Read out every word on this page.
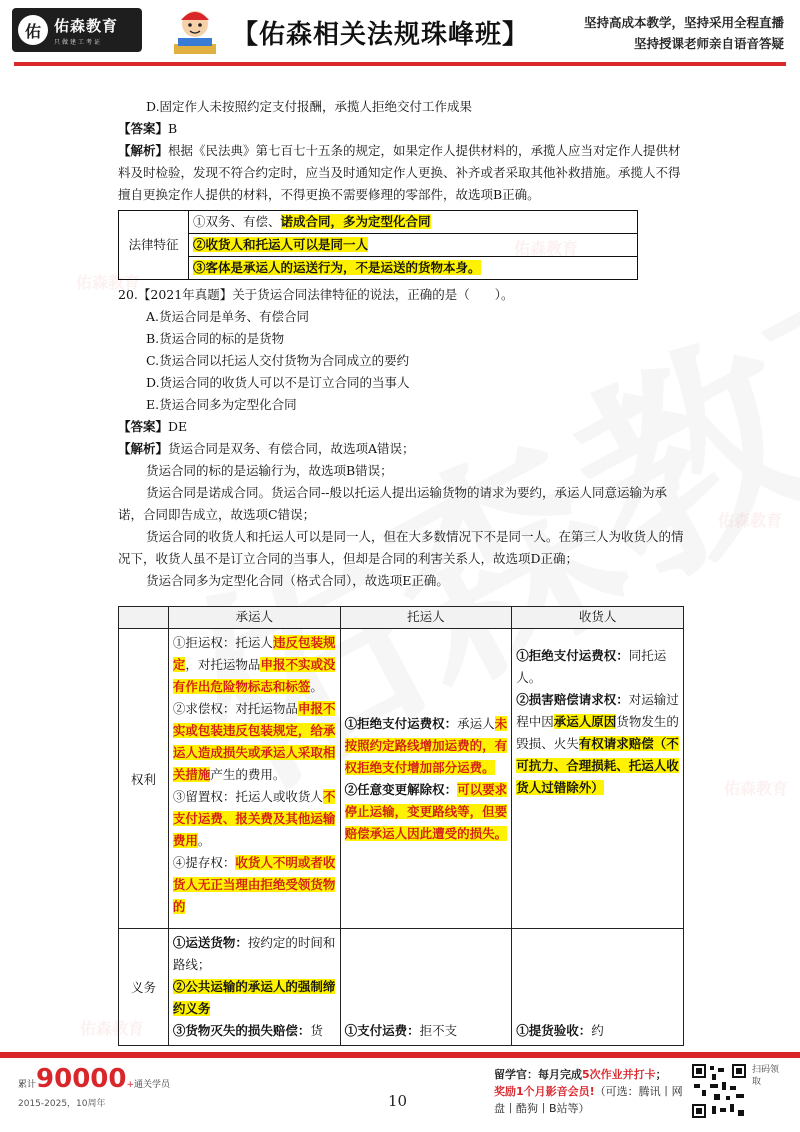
佑森教育
佑森教育
佑森教育
佑森教育
佑森教育
佑 佑森教育
只做建工考证	【佑森相关法规珠峰班】	坚持高成本教学，坚持采用全程直播
坚持授课老师亲自语音答疑
D.固定作人未按照约定支付报酬，承揽人拒绝交付工作成果
【答案】B
【解析】根据《民法典》第七百七十五条的规定，如果定作人提供材料的，承揽人应当对定作人提供材料及时检验，发现不符合约定时，应当及时通知定作人更换、补齐或者采取其他补救措施。承揽人不得擅自更换定作人提供的材料，不得更换不需要修理的零部件，故选项B正确。
法律特征	①双务、有偿、诺成合同，多为定型化合同
②收货人和托运人可以是同一人
③客体是承运人的运送行为，不是运送的货物本身。
20.【2021年真题】关于货运合同法律特征的说法，正确的是（　　）。
A.货运合同是单务、有偿合同
B.货运合同的标的是货物
C.货运合同以托运人交付货物为合同成立的要约
D.货运合同的收货人可以不是订立合同的当事人
E.货运合同多为定型化合同
【答案】DE
【解析】货运合同是双务、有偿合同，故选项A错误；
货运合同的标的是运输行为，故选项B错误；
货运合同是诺成合同。货运合同--般以托运人提出运输货物的请求为要约，承运人同意运输为承诺，合同即告成立，故选项C错误；
货运合同的收货人和托运人可以是同一人，但在大多数情况下不是同一人。在第三人为收货人的情况下，收货人虽不是订立合同的当事人，但却是合同的利害关系人，故选项D正确；
货运合同多为定型化合同（格式合同），故选项E正确。
	承运人	托运人	收货人
权利	①拒运权：托运人违反包装规定，对托运物品申报不实或没有作出危险物标志和标签。
②求偿权：对托运物品申报不实或包装违反包装规定，给承运人造成损失或承运人采取相关措施产生的费用。
③留置权：托运人或收货人不支付运费、报关费及其他运输费用。
④提存权：收货人不明或者收货人无正当理由拒绝受领货物的	①拒绝支付运费权：承运人未按照约定路线增加运费的，有权拒绝支付增加部分运费。
②任意变更解除权：可以要求停止运输，变更路线等，但要赔偿承运人因此遭受的损失。	①拒绝支付运费权：同托运人。
②损害赔偿请求权：对运输过程中因承运人原因货物发生的毁损、火失有权请求赔偿（不可抗力、合理损耗、托运人收货人过错除外）
义务	①运送货物：按约定的时间和路线；
②公共运输的承运人的强制缔约义务
③货物灭失的损失赔偿：货	①支付运费：拒不支	①提货验收：约
累计90000+通关学员
2015-2025，10周年	10
留学官：每月完成5次作业并打卡；
奖励1个月影音会员!（可选：腾讯丨网盘丨酷狗丨B站等）
扫码领取
